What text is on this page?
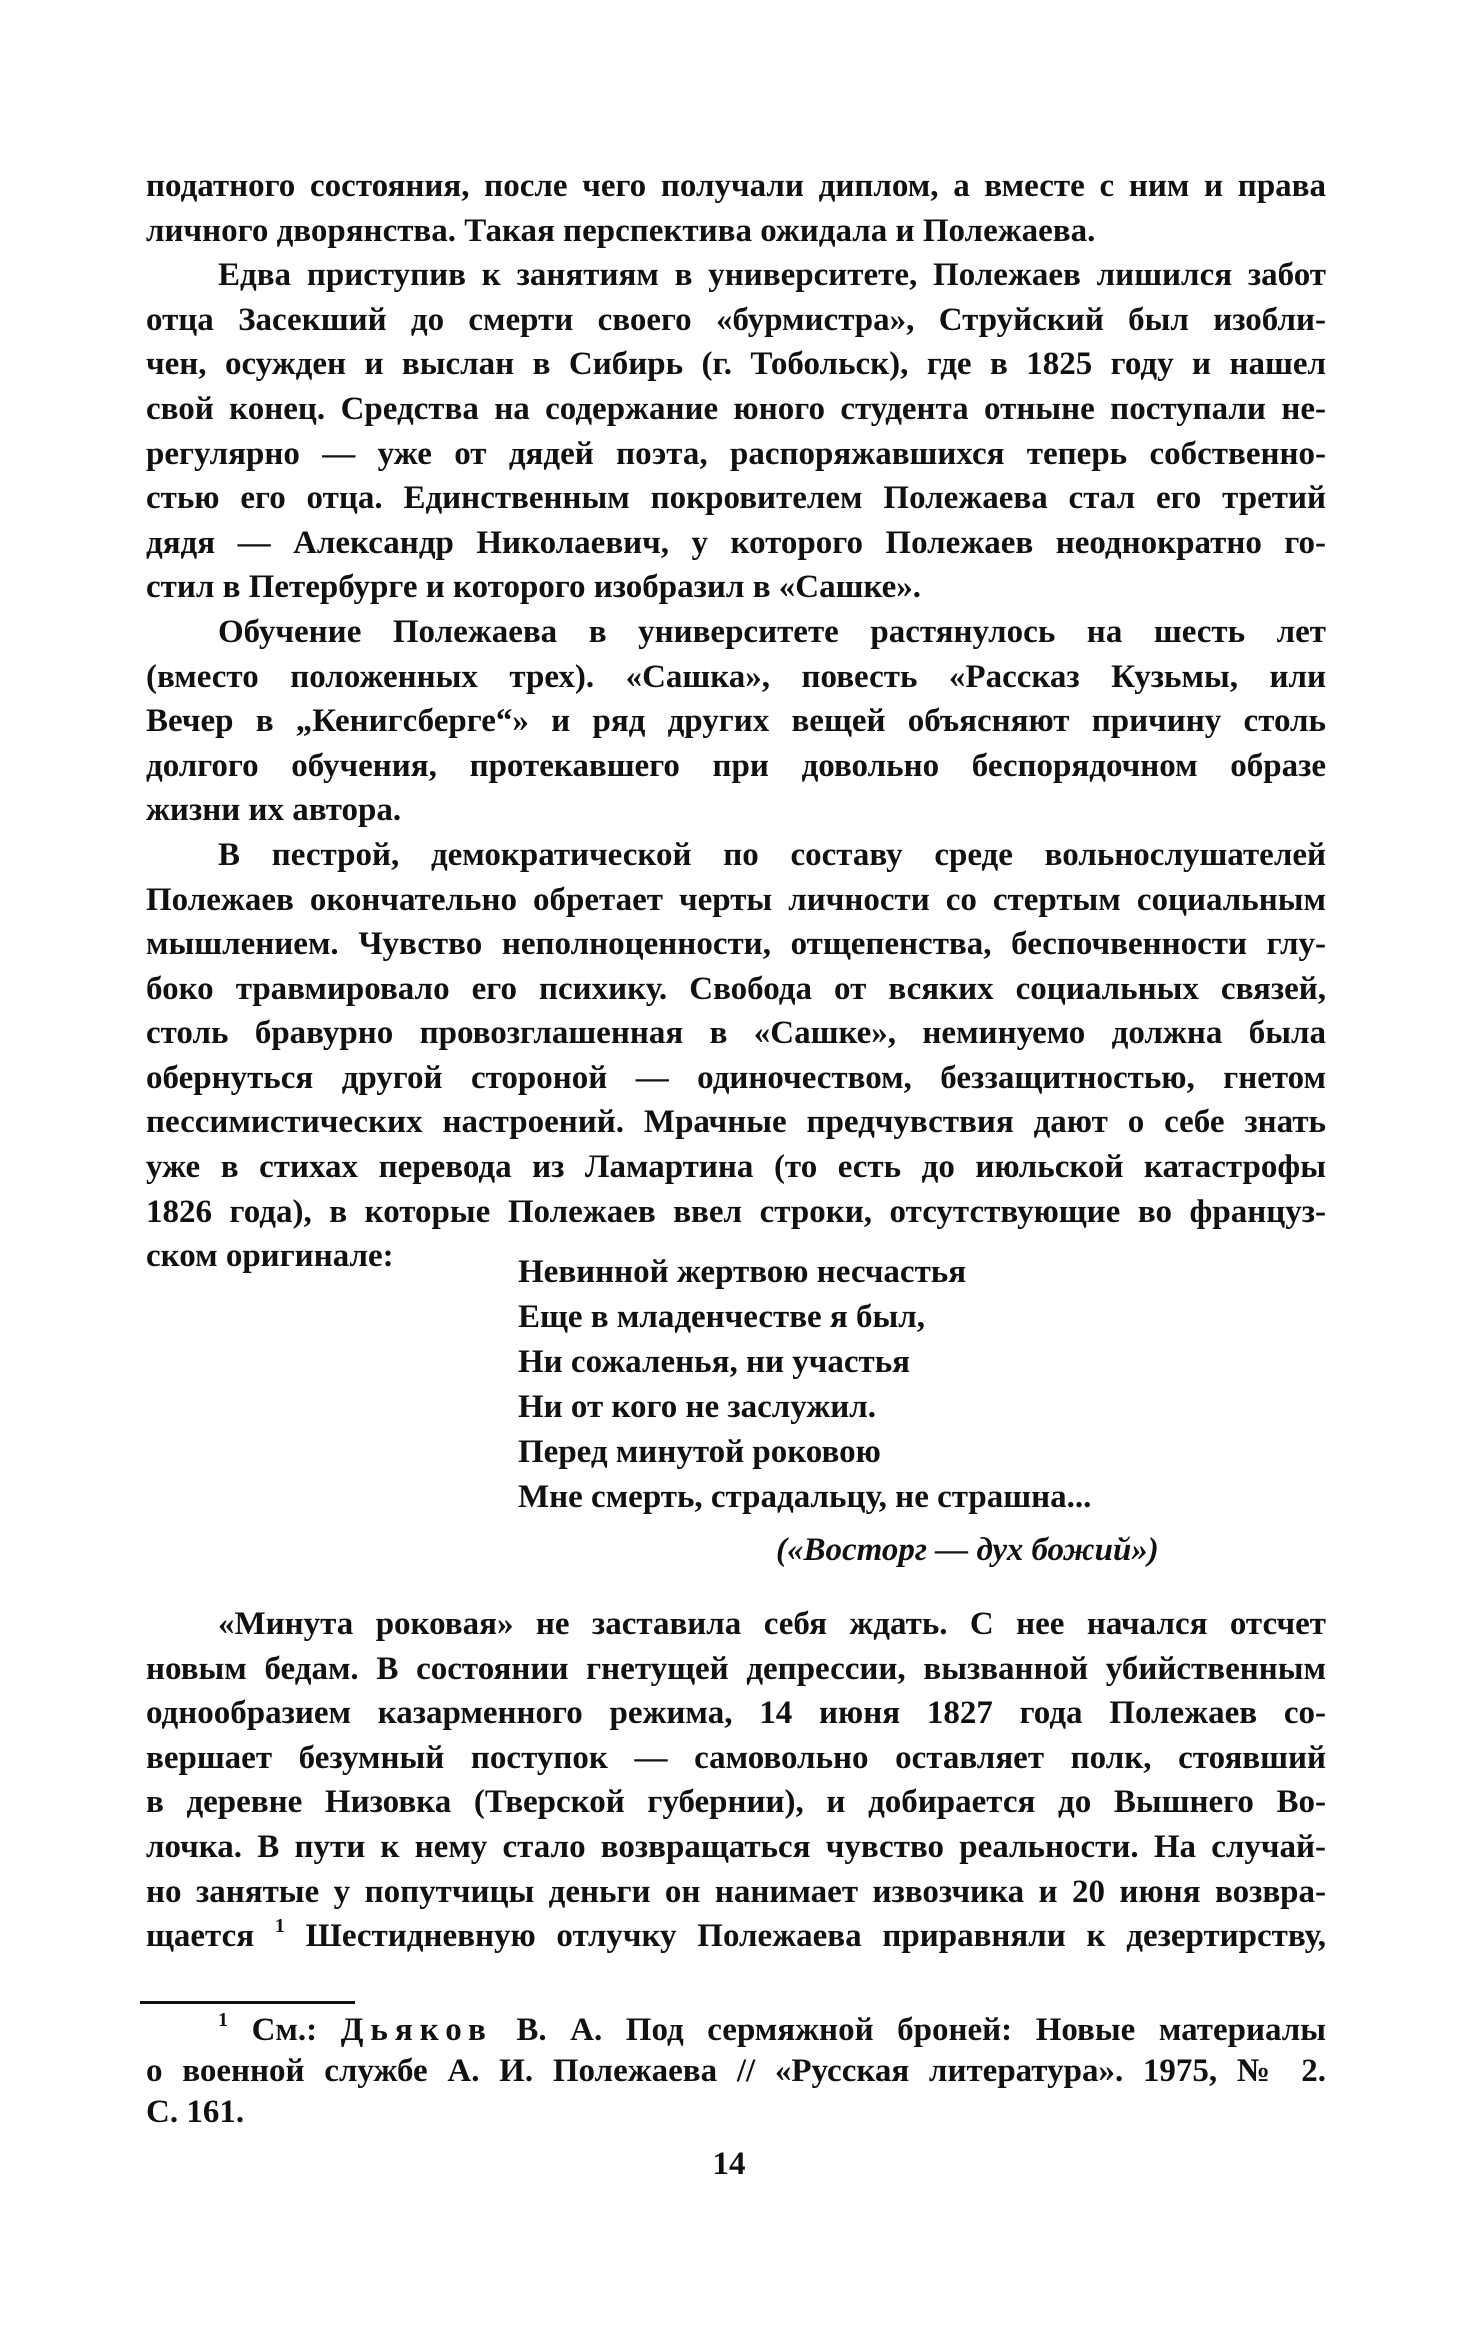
податного состояния, после чего получали диплом, а вместе с ним и права
личного дворянства. Такая перспектива ожидала и Полежаева.
Едва приступив к занятиям в университете, Полежаев лишился забот
отца Засекший до смерти своего «бурмистра», Струйский был изобли-
чен, осужден и выслан в Сибирь (г. Тобольск), где в 1825 году и нашел
свой конец. Средства на содержание юного студента отныне поступали не-
регулярно — уже от дядей поэта, распоряжавшихся теперь собственно-
стью его отца. Единственным покровителем Полежаева стал его третий
дядя — Александр Николаевич, у которого Полежаев неоднократно го-
стил в Петербурге и которого изобразил в «Сашке».
Обучение Полежаева в университете растянулось на шесть лет
(вместо положенных трех). «Сашка», повесть «Рассказ Кузьмы, или
Вечер в „Кенигсберге“» и ряд других вещей объясняют причину столь
долгого обучения, протекавшего при довольно беспорядочном образе
жизни их автора.
В пестрой, демократической по составу среде вольнослушателей
Полежаев окончательно обретает черты личности со стертым социальным
мышлением. Чувство неполноценности, отщепенства, беспочвенности глу-
боко травмировало его психику. Свобода от всяких социальных связей,
столь бравурно провозглашенная в «Сашке», неминуемо должна была
обернуться другой стороной — одиночеством, беззащитностью, гнетом
пессимистических настроений. Мрачные предчувствия дают о себе знать
уже в стихах перевода из Ламартина (то есть до июльской катастрофы
1826 года), в которые Полежаев ввел строки, отсутствующие во француз-
ском оригинале:	Невинной жертвою несчастья
Еще в младенчестве я был,
Ни сожаленья, ни участья
Ни от кого не заслужил.
Перед минутой роковою
Мне смерть, страдальцу, не страшна...
(«Восторг — дух божий»)
«Минута роковая» не заставила себя ждать. С нее начался отсчет
новым бедам. В состоянии гнетущей депрессии, вызванной убийственным
однообразием казарменного режима, 14 июня 1827 года Полежаев со-
вершает безумный поступок — самовольно оставляет полк, стоявший
в деревне Низовка (Тверской губернии), и добирается до Вышнего Во-
лочка. В пути к нему стало возвращаться чувство реальности. На случай-
но занятые у попутчицы деньги он нанимает извозчика и 20 июня возвра-
щается $^1$ Шестидневную отлучку Полежаева приравняли к дезертирству,
$^1$ См.: Дьяков В. А. Под сермяжной броней: Новые материалы
о военной службе А. И. Полежаева // «Русская литература». 1975, № 2.
С. 161.
14
